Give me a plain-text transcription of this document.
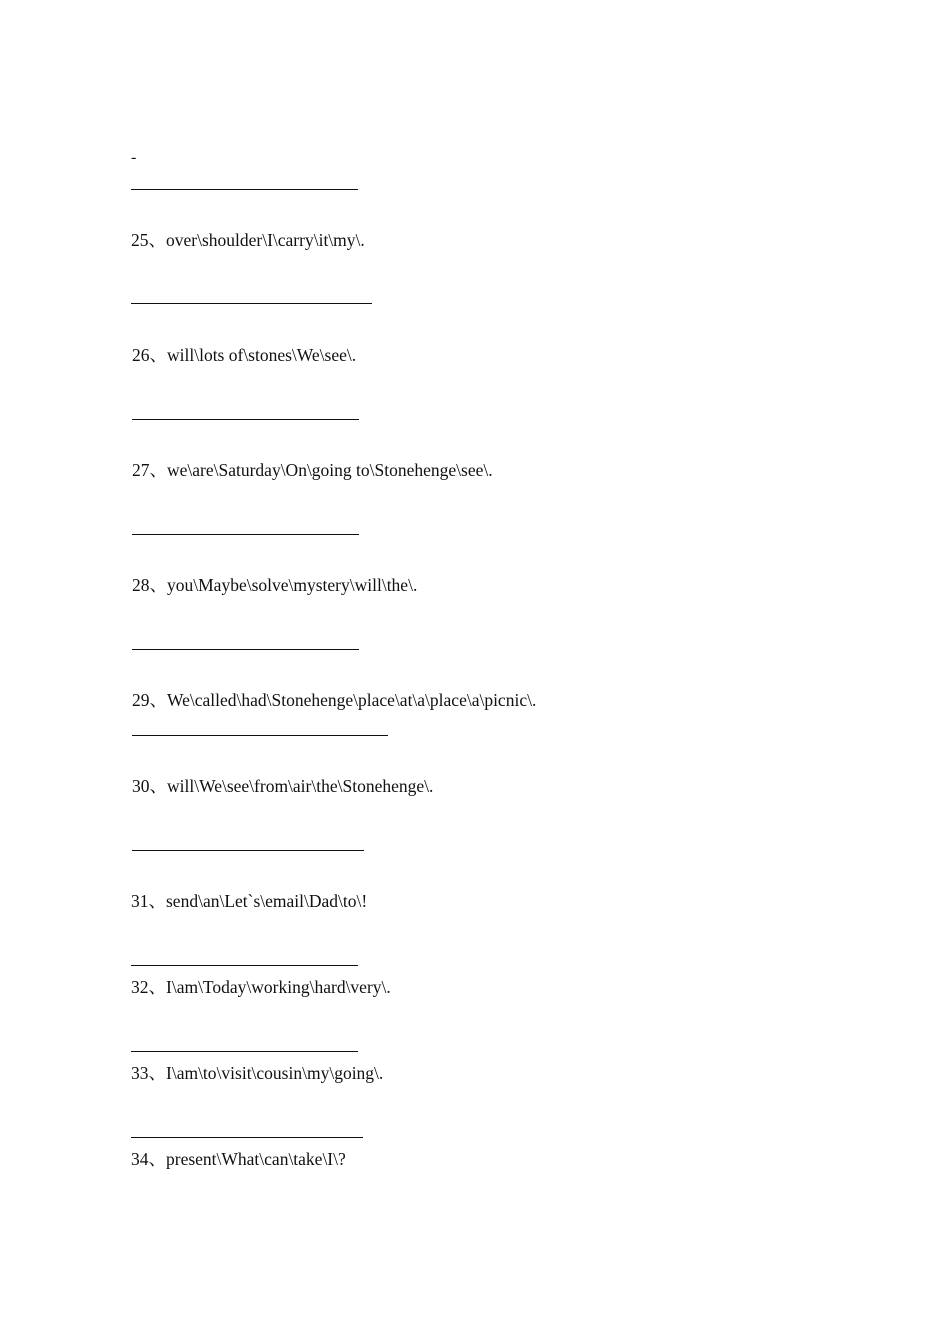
-
25、over\shoulder\I\carry\it\my\.
26、will\lots of\stones\We\see\.
27、we\are\Saturday\On\going to\Stonehenge\see\.
28、you\Maybe\solve\mystery\will\the\.
29、We\called\had\Stonehenge\place\at\a\place\a\picnic\.
30、will\We\see\from\air\the\Stonehenge\.
31、send\an\Let`s\email\Dad\to\!
32、I\am\Today\working\hard\very\.
33、I\am\to\visit\cousin\my\going\.
34、present\What\can\take\I\?
